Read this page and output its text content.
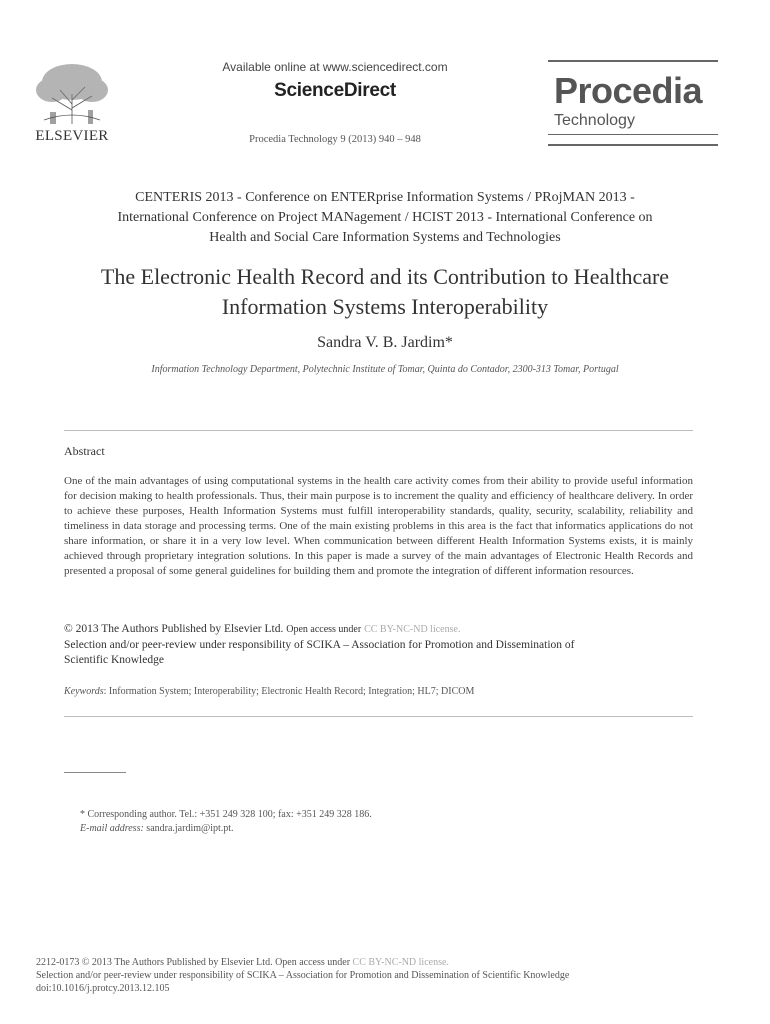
ELSEVIER
Available online at www.sciencedirect.com
ScienceDirect
Procedia Technology 9 (2013) 940 – 948
Procedia
Technology
CENTERIS 2013 - Conference on ENTERprise Information Systems / PRojMAN 2013 -
International Conference on Project MANagement / HCIST 2013 - International Conference on
Health and Social Care Information Systems and Technologies
The Electronic Health Record and its Contribution to Healthcare
Information Systems Interoperability
Sandra V. B. Jardim*
Information Technology Department, Polytechnic Institute of Tomar, Quinta do Contador, 2300-313 Tomar, Portugal
Abstract
One of the main advantages of using computational systems in the health care activity comes from their ability to provide useful information for decision making to health professionals. Thus, their main purpose is to increment the quality and efficiency of healthcare delivery. In order to achieve these purposes, Health Information Systems must fulfill interoperability standards, quality, security, scalability, reliability and timeliness in data storage and processing terms. One of the main existing problems in this area is the fact that informatics applications do not share information, or share it in a very low level. When communication between different Health Information Systems exists, it is mainly achieved through proprietary integration solutions. In this paper is made a survey of the main advantages of Electronic Health Records and presented a proposal of some general guidelines for building them and promote the integration of different information resources.
© 2013 The Authors Published by Elsevier Ltd. Open access under CC BY-NC-ND license.
Selection and/or peer-review under responsibility of SCIKA – Association for Promotion and Dissemination of
Scientific Knowledge
Keywords: Information System; Interoperability; Electronic Health Record; Integration; HL7; DICOM
* Corresponding author. Tel.: +351 249 328 100; fax: +351 249 328 186.
E-mail address: sandra.jardim@ipt.pt.
2212-0173 © 2013 The Authors Published by Elsevier Ltd. Open access under CC BY-NC-ND license.
Selection and/or peer-review under responsibility of SCIKA – Association for Promotion and Dissemination of Scientific Knowledge
doi:10.1016/j.protcy.2013.12.105
